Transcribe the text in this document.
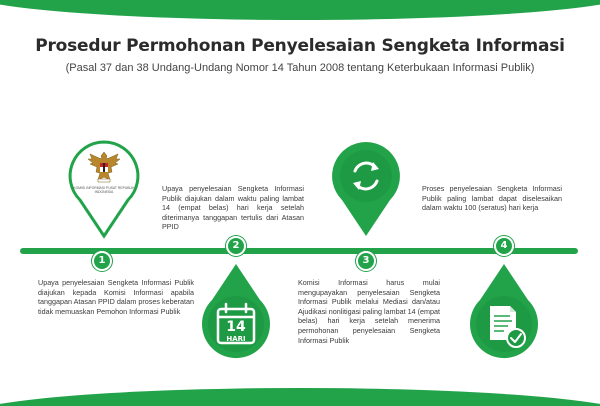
Prosedur Permohonan Penyelesaian Sengketa Informasi
(Pasal 37 dan 38 Undang-Undang Nomor 14 Tahun 2008 tentang Keterbukaan Informasi Publik)
KOMISI INFORMASI PUSAT REPUBLIK INDONESIA
14
HARI
1
2
3
4
Upaya penyelesaian Sengketa Informasi Publik diajukan kepada Komisi Informasi apabila tanggapan Atasan PPID dalam proses keberatan tidak memuaskan Pemohon Informasi Publik
Upaya penyelesaian Sengketa Informasi Publik diajukan dalam waktu paling lambat 14 (empat belas) hari kerja setelah diterimanya tanggapan tertulis dari Atasan PPID
Komisi Informasi harus mulai mengupayakan penyelesaian Sengketa Informasi Publik melalui Mediasi dan/atau Ajudikasi nonlitigasi paling lambat 14 (empat belas) hari kerja setelah menerima permohonan penyelesaian Sengketa Informasi Publik
Proses penyelesaian Sengketa Informasi Publik paling lambat dapat diselesaikan dalam waktu 100 (seratus) hari kerja
